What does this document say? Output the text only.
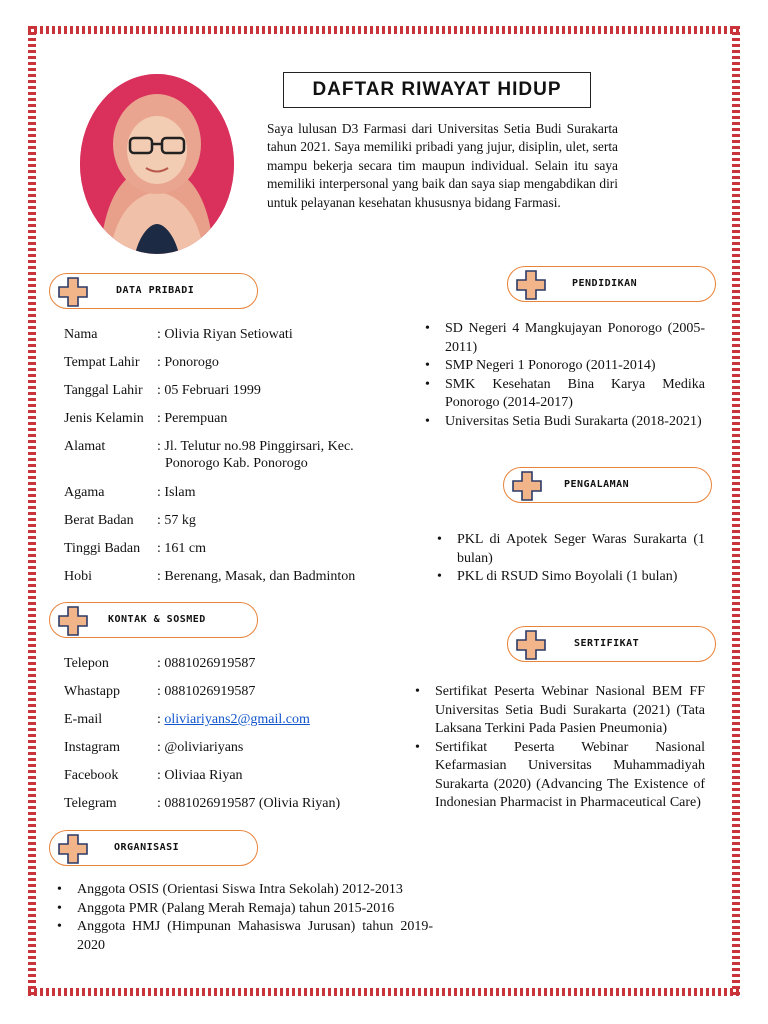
DAFTAR RIWAYAT HIDUP
Saya lulusan D3 Farmasi dari Universitas Setia Budi Surakarta tahun 2021. Saya memiliki pribadi yang jujur, disiplin, ulet, serta mampu bekerja secara tim maupun individual. Selain itu saya memiliki interpersonal yang baik dan saya siap mengabdikan diri untuk pelayanan kesehatan khususnya bidang Farmasi.
DATA PRIBADI
Nama	: Olivia Riyan Setiowati
Tempat Lahir	: Ponorogo
Tanggal Lahir	: 05 Februari 1999
Jenis Kelamin	: Perempuan
Alamat	: Jl. Telutur no.98 Pinggirsari, Kec.
Ponorogo Kab. Ponorogo

Agama	: Islam
Berat Badan	: 57 kg
Tinggi Badan	: 161 cm
Hobi	: Berenang, Masak, dan Badminton
KONTAK & SOSMED
Telepon	: 0881026919587
Whastapp	: 0881026919587
E-mail	: oliviariyans2@gmail.com
Instagram	: @oliviariyans
Facebook	: Oliviaa Riyan
Telegram	: 0881026919587 (Olivia Riyan)
ORGANISASI
• Anggota OSIS (Orientasi Siswa Intra Sekolah) 2012-2013
• Anggota PMR (Palang Merah Remaja) tahun 2015-2016
• Anggota HMJ (Himpunan Mahasiswa Jurusan) tahun 2019-2020
PENDIDIKAN
• SD Negeri 4 Mangkujayan Ponorogo (2005-2011)
• SMP Negeri 1 Ponorogo (2011-2014)
• SMK Kesehatan Bina Karya Medika Ponorogo (2014-2017)
• Universitas Setia Budi Surakarta (2018-2021)
PENGALAMAN
• PKL di Apotek Seger Waras Surakarta (1 bulan)
• PKL di RSUD Simo Boyolali (1 bulan)
SERTIFIKAT
• Sertifikat Peserta Webinar Nasional BEM FF Universitas Setia Budi Surakarta (2021) (Tata Laksana Terkini Pada Pasien Pneumonia)
• Sertifikat Peserta Webinar Nasional Kefarmasian Universitas Muhammadiyah Surakarta (2020) (Advancing The Existence of Indonesian Pharmacist in Pharmaceutical Care)
